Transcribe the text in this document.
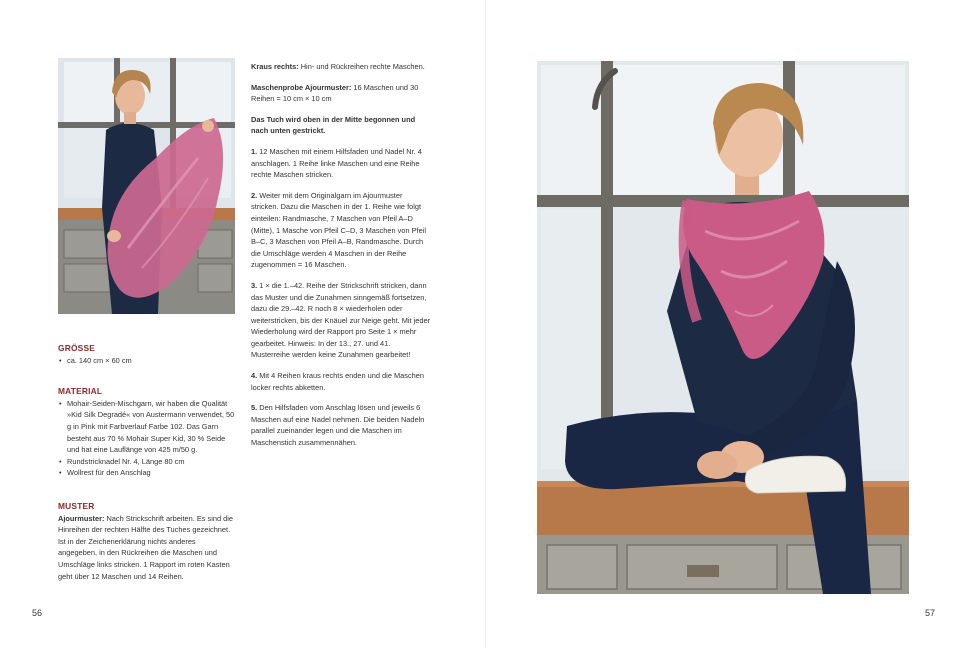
GRÖSSE

• ca. 140 cm × 60 cm

MATERIAL

• Mohair-Seiden-Mischgarn, wir haben die Qualität »Kid Silk Degradé« von Austermann verwendet, 50 g in Pink mit Farbverlauf Farbe 102. Das Garn besteht aus 70 % Mohair Super Kid, 30 % Seide und hat eine Lauflänge von 425 m/50 g.
• Rundstricknadel Nr. 4, Länge 80 cm
• Wollrest für den Anschlag

MUSTER

Ajourmuster: Nach Strickschrift arbeiten. Es sind die Hinreihen der rechten Hälfte des Tuches gezeichnet. Ist in der Zeichenerklärung nichts anderes angegeben, in den Rückreihen die Maschen und Umschläge links stricken. 1 Rapport im roten Kasten geht über 12 Maschen und 14 Reihen.

Kraus rechts: Hin- und Rückreihen rechte Maschen.

Maschenprobe Ajourmuster: 16 Maschen und 30 Reihen = 10 cm × 10 cm

Das Tuch wird oben in der Mitte begonnen und nach unten gestrickt.

1. 12 Maschen mit einem Hilfsfaden und Nadel Nr. 4 anschlagen. 1 Reihe linke Maschen und eine Reihe rechte Maschen stricken.

2. Weiter mit dem Originalgarn im Ajourmuster stricken. Dazu die Maschen in der 1. Reihe wie folgt einteilen: Randmasche, 7 Maschen von Pfeil A–D (Mitte), 1 Masche von Pfeil C–D, 3 Maschen von Pfeil B–C, 3 Maschen von Pfeil A–B, Randmasche. Durch die Umschläge werden 4 Maschen in der Reihe zugenommen = 16 Maschen.

3. 1 × die 1.–42. Reihe der Strickschrift stricken, dann das Muster und die Zunahmen sinngemäß fortsetzen, dazu die 29.–42. R noch 8 × wiederholen oder weiterstricken, bis der Knäuel zur Neige geht. Mit jeder Wiederholung wird der Rapport pro Seite 1 × mehr gearbeitet. Hinweis: In der 13., 27. und 41. Musterreihe werden keine Zunahmen gearbeitet!

4. Mit 4 Reihen kraus rechts enden und die Maschen locker rechts abketten.

5. Den Hilfsfaden vom Anschlag lösen und jeweils 6 Maschen auf eine Nadel nehmen. Die beiden Nadeln parallel zueinander legen und die Maschen im Maschenstich zusammennähen.

56	57
